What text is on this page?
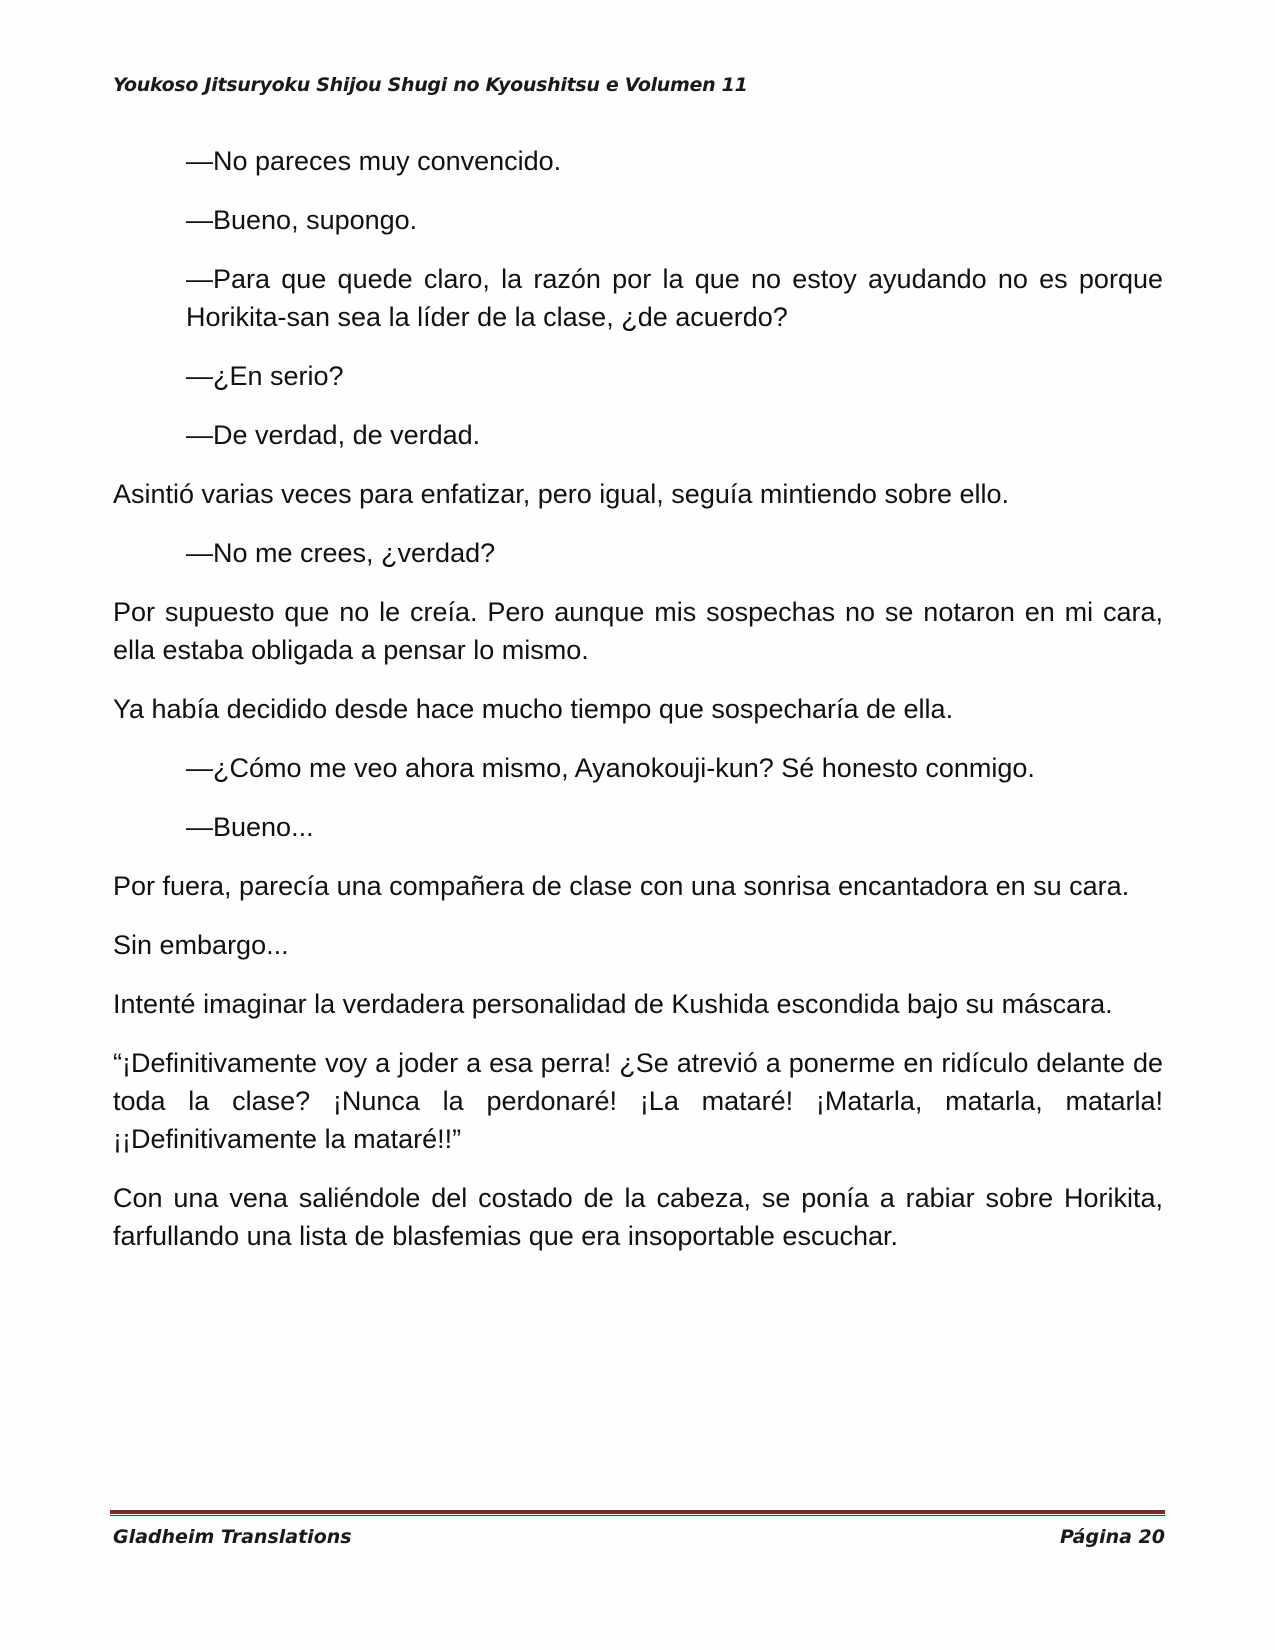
Youkoso Jitsuryoku Shijou Shugi no Kyoushitsu e Volumen 11

—No pareces muy convencido.

—Bueno, supongo.

—Para que quede claro, la razón por la que no estoy ayudando no es porque Horikita-san sea la líder de la clase, ¿de acuerdo?

—¿En serio?

—De verdad, de verdad.

Asintió varias veces para enfatizar, pero igual, seguía mintiendo sobre ello.

—No me crees, ¿verdad?

Por supuesto que no le creía. Pero aunque mis sospechas no se notaron en mi cara, ella estaba obligada a pensar lo mismo.

Ya había decidido desde hace mucho tiempo que sospecharía de ella.

—¿Cómo me veo ahora mismo, Ayanokouji-kun? Sé honesto conmigo.

—Bueno...

Por fuera, parecía una compañera de clase con una sonrisa encantadora en su cara.

Sin embargo...

Intenté imaginar la verdadera personalidad de Kushida escondida bajo su máscara.

“¡Definitivamente voy a joder a esa perra! ¿Se atrevió a ponerme en ridículo delante de toda la clase? ¡Nunca la perdonaré! ¡La mataré! ¡Matarla, matarla, matarla! ¡¡Definitivamente la mataré!!”

Con una vena saliéndole del costado de la cabeza, se ponía a rabiar sobre Horikita, farfullando una lista de blasfemias que era insoportable escuchar.

Gladheim Translations	Página 20
